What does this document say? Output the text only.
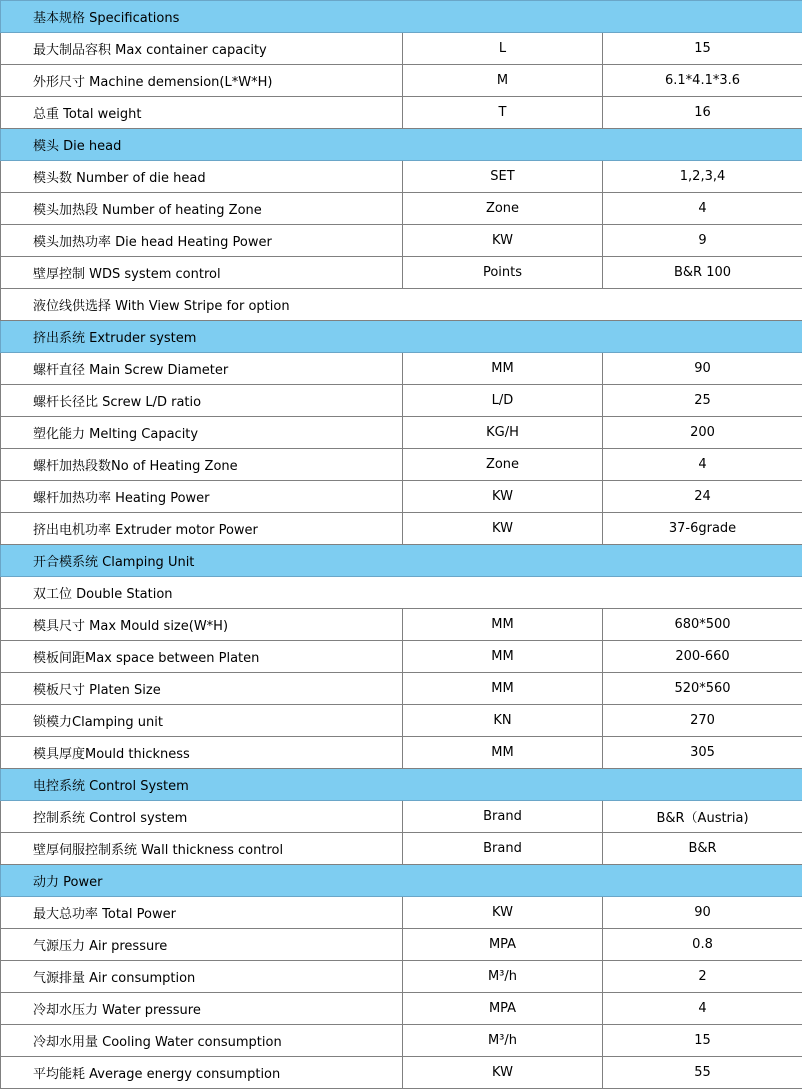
基本规格 Specifications		
最大制品容积 Max container capacity	L	15
外形尺寸 Machine demension(L*W*H)	M	6.1*4.1*3.6
总重 Total weight	T	16
模头 Die head		
模头数 Number of die head	SET	1,2,3,4
模头加热段 Number of heating Zone	Zone	4
模头加热功率 Die head Heating Power	KW	9
壁厚控制 WDS system control	Points	B&R 100
液位线供选择 With View Stripe for option		
挤出系统 Extruder system		
螺杆直径 Main Screw Diameter	MM	90
螺杆长径比 Screw L/D ratio	L/D	25
塑化能力 Melting Capacity	KG/H	200
螺杆加热段数No of Heating Zone	Zone	4
螺杆加热功率 Heating Power	KW	24
挤出电机功率 Extruder motor Power	KW	37-6grade
开合模系统 Clamping Unit		
双工位 Double Station		
模具尺寸 Max Mould size(W*H)	MM	680*500
模板间距Max space between Platen	MM	200-660
模板尺寸 Platen Size	MM	520*560
锁模力Clamping unit	KN	270
模具厚度Mould thickness	MM	305
电控系统 Control System		
控制系统 Control system	Brand	B&R（Austria)
壁厚伺服控制系统 Wall thickness control	Brand	B&R
动力 Power		
最大总功率 Total Power	KW	90
气源压力 Air pressure	MPA	0.8
气源排量 Air consumption	M³/h	2
冷却水压力 Water pressure	MPA	4
冷却水用量 Cooling Water consumption	M³/h	15
平均能耗 Average energy consumption	KW	55
